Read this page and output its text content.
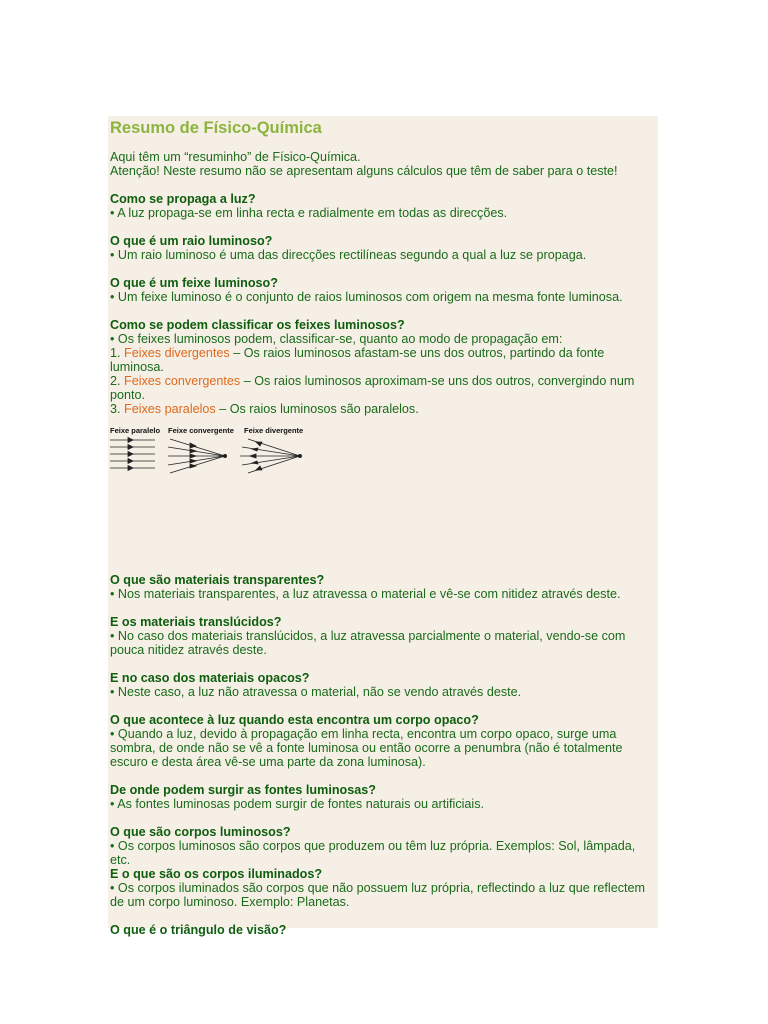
Resumo de Físico-Química

Aqui têm um “resuminho” de Físico-Química.

Atenção! Neste resumo não se apresentam alguns cálculos que têm de saber para o teste!

Como se propaga a luz?

• A luz propaga-se em linha recta e radialmente em todas as direcções.

O que é um raio luminoso?

• Um raio luminoso é uma das direcções rectilíneas segundo a qual a luz se propaga.

O que é um feixe luminoso?

• Um feixe luminoso é o conjunto de raios luminosos com origem na mesma fonte luminosa.

Como se podem classificar os feixes luminosos?

• Os feixes luminosos podem, classificar-se, quanto ao modo de propagação em:

1. Feixes divergentes – Os raios luminosos afastam-se uns dos outros, partindo da fonte luminosa.

2. Feixes convergentes – Os raios luminosos aproximam-se uns dos outros, convergindo num ponto.

3. Feixes paralelos – Os raios luminosos são paralelos.

Feixe paralelo Feixe convergente Feixe divergente

O que são materiais transparentes?

• Nos materiais transparentes, a luz atravessa o material e vê-se com nitidez através deste.

E os materiais translúcidos?

• No caso dos materiais translúcidos, a luz atravessa parcialmente o material, vendo-se com pouca nitidez através deste.

E no caso dos materiais opacos?

• Neste caso, a luz não atravessa o material, não se vendo através deste.

O que acontece à luz quando esta encontra um corpo opaco?

• Quando a luz, devido à propagação em linha recta, encontra um corpo opaco, surge uma sombra, de onde não se vê a fonte luminosa ou então ocorre a penumbra (não é totalmente escuro e desta área vê-se uma parte da zona luminosa).

De onde podem surgir as fontes luminosas?

• As fontes luminosas podem surgir de fontes naturais ou artificiais.

O que são corpos luminosos?

• Os corpos luminosos são corpos que produzem ou têm luz própria. Exemplos: Sol, lâmpada, etc.

E o que são os corpos iluminados?

• Os corpos iluminados são corpos que não possuem luz própria, reflectindo a luz que reflectem de um corpo luminoso. Exemplo: Planetas.

O que é o triângulo de visão?
